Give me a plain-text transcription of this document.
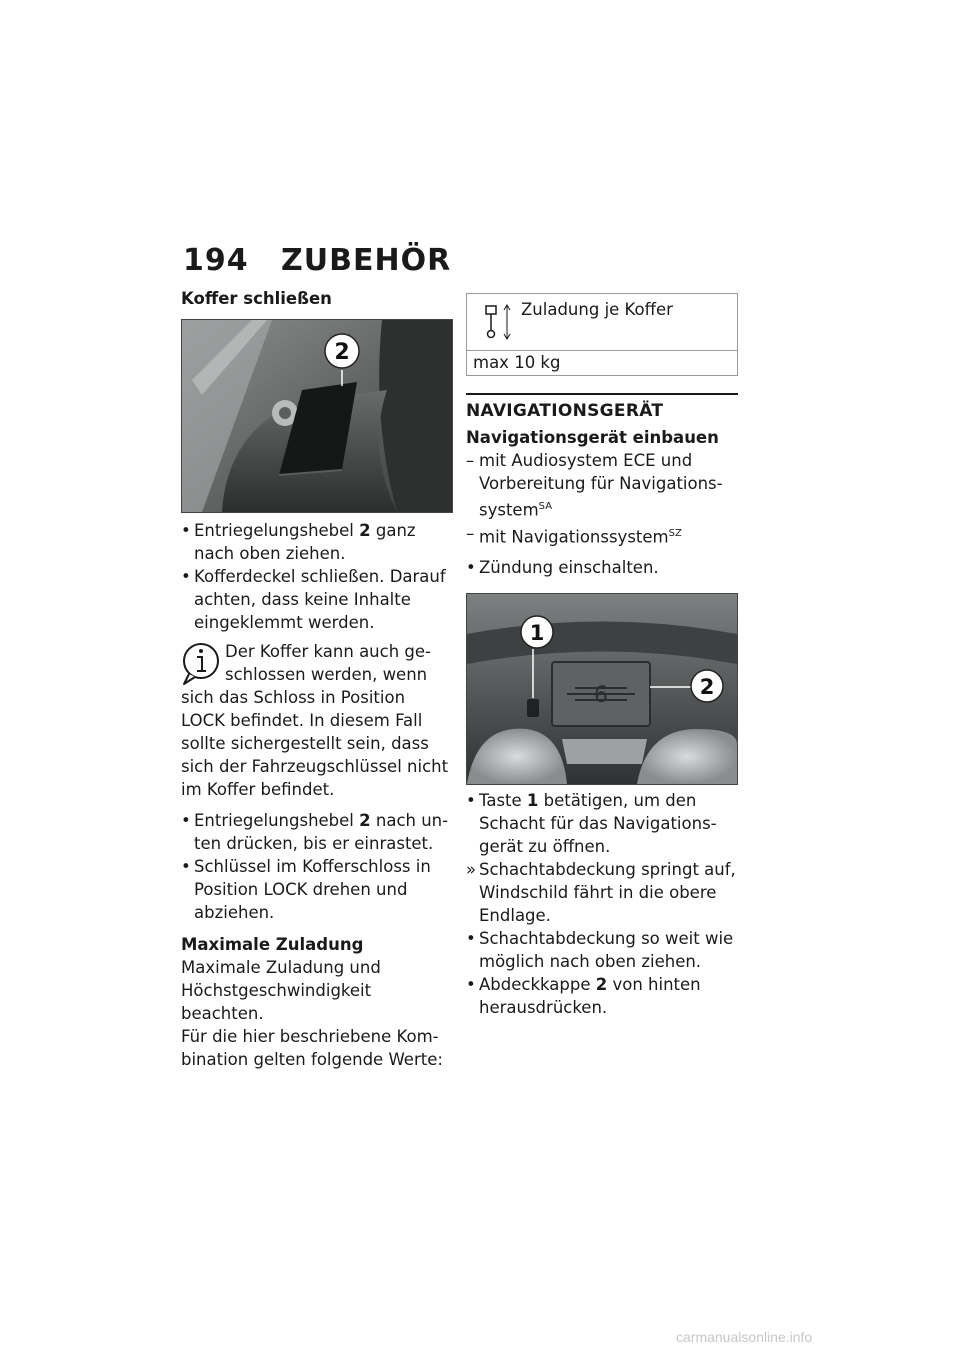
194 ZUBEHÖR
Koffer schließen
2
• Entriegelungshebel 2 ganz nach oben ziehen.
• Kofferdeckel schließen. Darauf achten, dass keine Inhalte eingeklemmt werden.
Der Koffer kann auch geschlossen werden, wenn sich das Schloss in Position LOCK befindet. In diesem Fall sollte sichergestellt sein, dass sich der Fahrzeugschlüssel nicht im Koffer befindet.
• Entriegelungshebel 2 nach unten drücken, bis er einrastet.
• Schlüssel im Kofferschloss in Position LOCK drehen und abziehen.
Maximale Zuladung

Maximale Zuladung und Höchstgeschwindigkeit beachten.

Für die hier beschriebene Kombination gelten folgende Werte:

Zuladung je Koffer
max 10 kg
NAVIGATIONSGERÄT
Navigationsgerät einbauen
– mit Audiosystem ECE und Vorbereitung für Navigationssystem$^{SA}$
– mit Navigationssystem$^{SZ}$
• Zündung einschalten.
6
1
2
• Taste 1 betätigen, um den Schacht für das Navigationsgerät zu öffnen.
» Schachtabdeckung springt auf, Windschild fährt in die obere Endlage.
• Schachtabdeckung so weit wie möglich nach oben ziehen.
• Abdeckkappe 2 von hinten herausdrücken.
carmanualsonline.info
